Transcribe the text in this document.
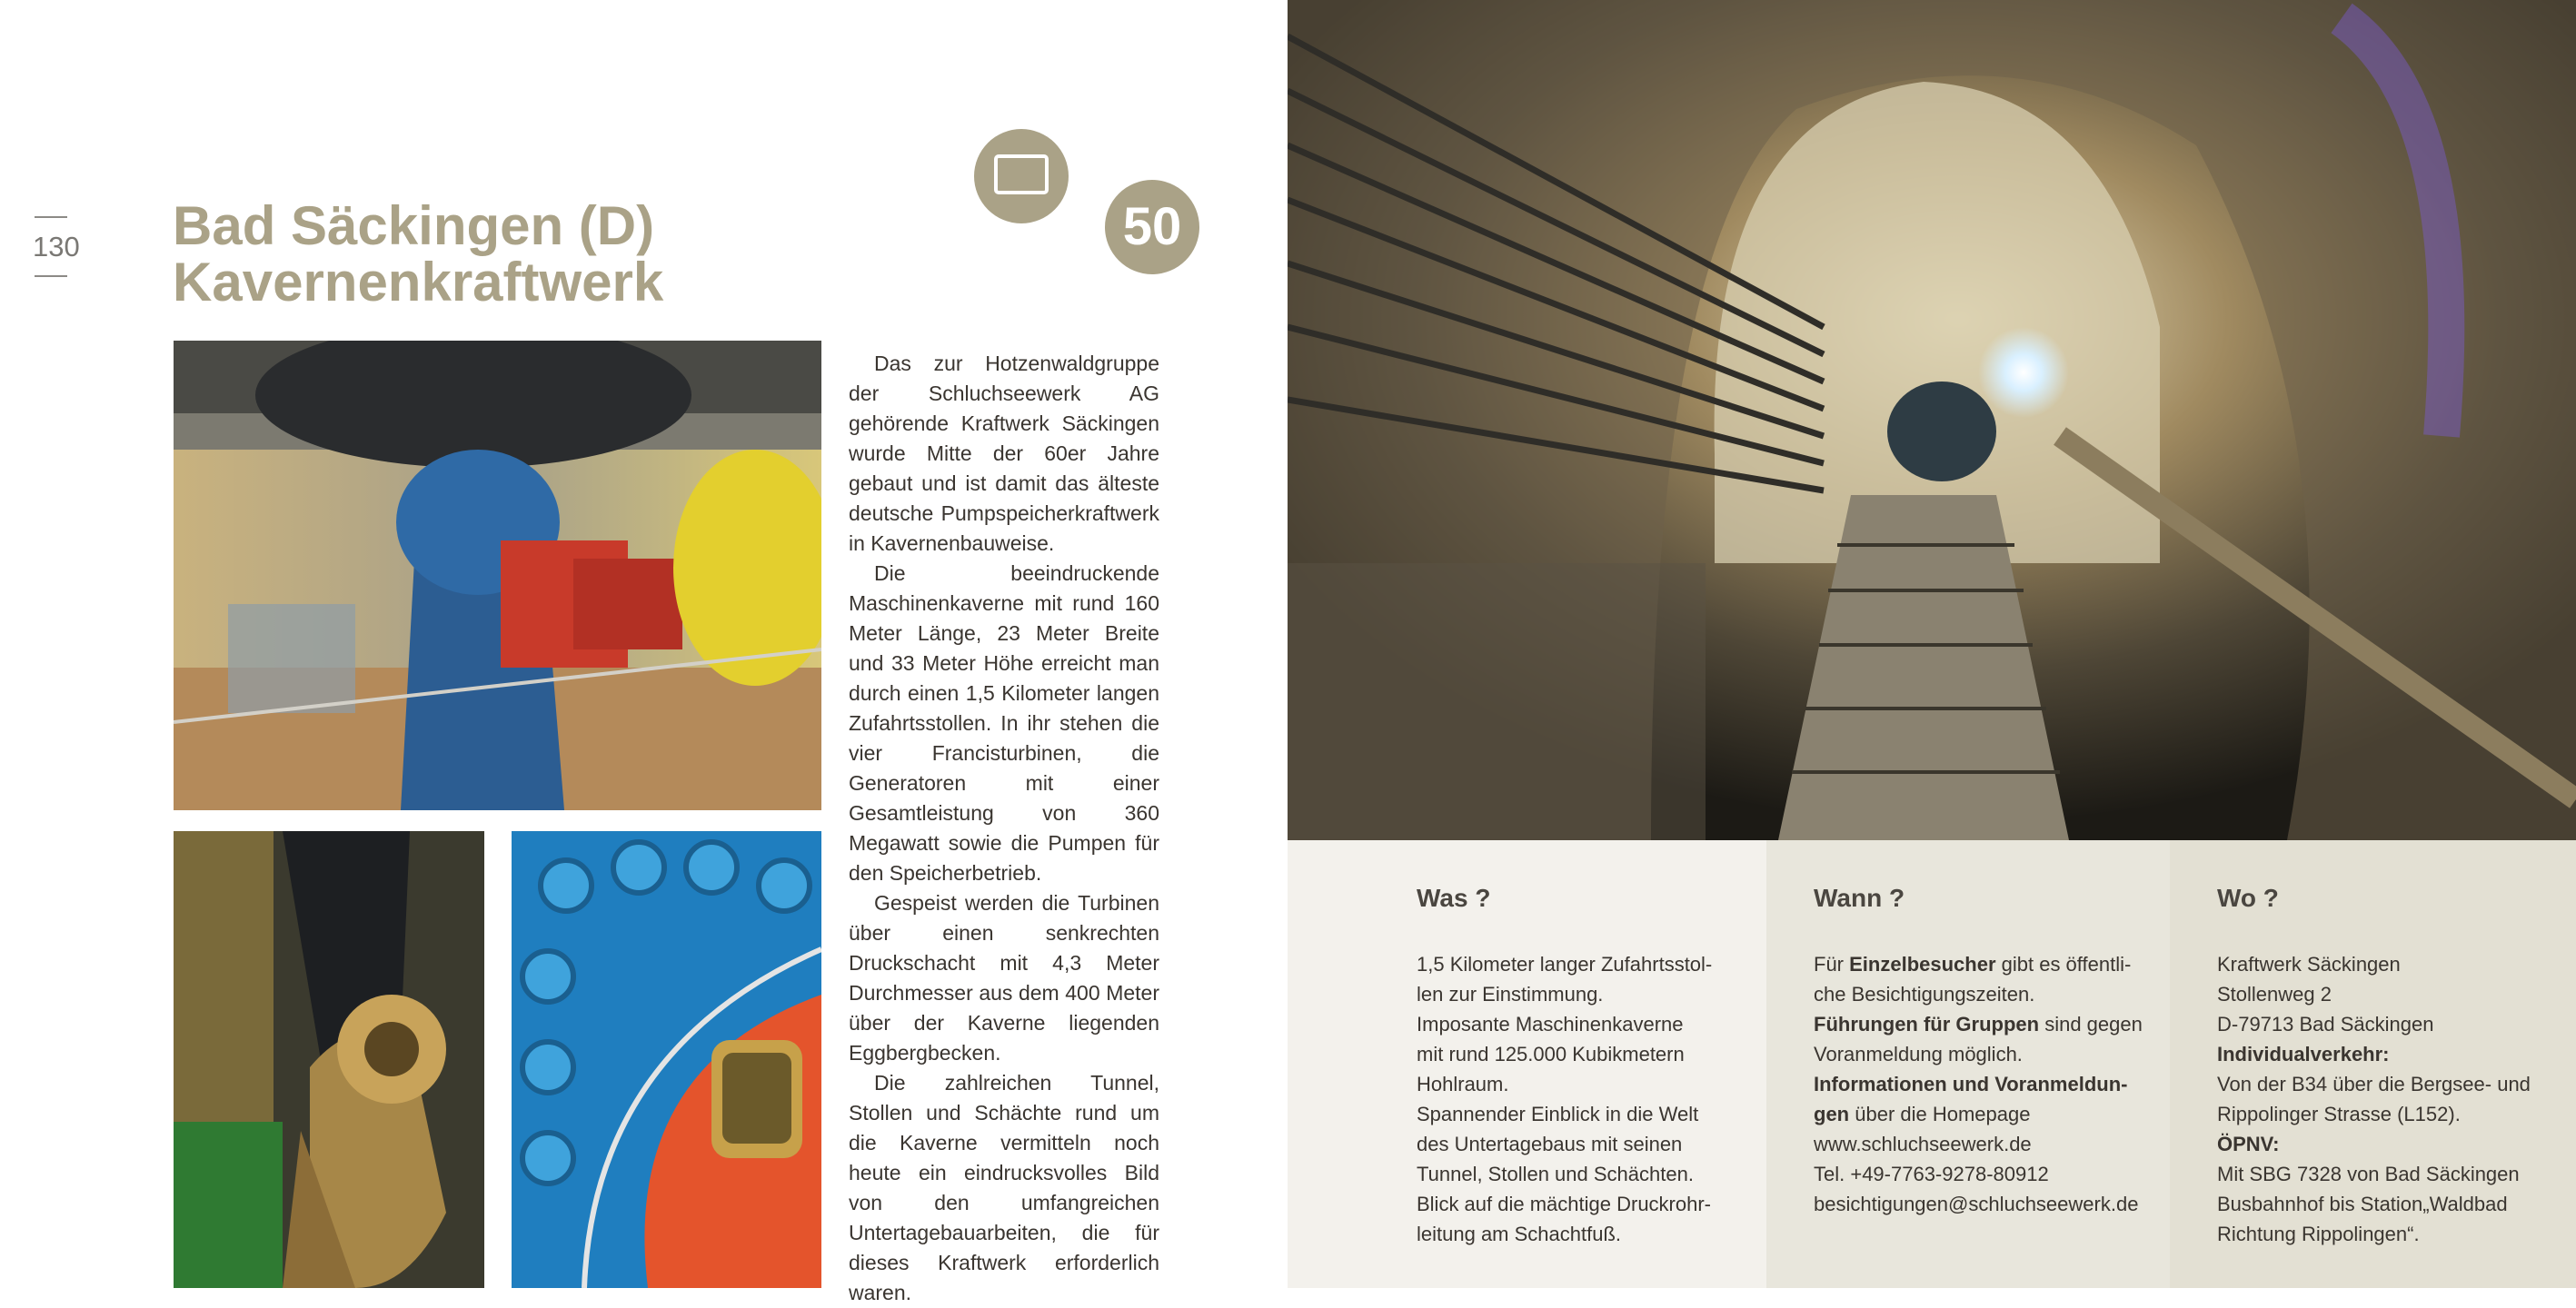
130 Bad Säckingen (D)
Kavernenkraftwerk
50

Das zur Hotzenwaldgruppe der Schluchseewerk AG gehörende Kraftwerk Säckingen wurde Mitte der 60er Jahre gebaut und ist damit das älteste deutsche Pumpspeicherkraftwerk in Kavernenbauweise.

Die beeindruckende Maschinenkaverne mit rund 160 Meter Länge, 23 Meter Breite und 33 Meter Höhe erreicht man durch einen 1,5 Kilometer langen Zufahrtsstollen. In ihr stehen die vier Francisturbinen, die Generatoren mit einer Gesamtleistung von 360 Megawatt sowie die Pumpen für den Speicherbetrieb.

Gespeist werden die Turbinen über einen senkrechten Druckschacht mit 4,3 Meter Durchmesser aus dem 400 Meter über der Kaverne liegenden Eggbergbecken.

Die zahlreichen Tunnel, Stollen und Schächte rund um die Kaverne vermitteln noch heute ein eindrucksvolles Bild von den umfangreichen Untertagebauarbeiten, die für dieses Kraftwerk erforderlich waren.

Was ?
1,5 Kilometer langer Zufahrtsstol-
len zur Einstimmung.
Imposante Maschinenkaverne
mit rund 125.000 Kubikmetern
Hohlraum.
Spannender Einblick in die Welt
des Untertagebaus mit seinen
Tunnel, Stollen und Schächten.
Blick auf die mächtige Druckrohr-
leitung am Schachtfuß.
Wann ?
Für Einzelbesucher gibt es öffentli-
che Besichtigungszeiten.
Führungen für Gruppen sind gegen
Voranmeldung möglich.
Informationen und Voranmeldun-
gen über die Homepage
www.schluchseewerk.de
Tel. +49-7763-9278-80912
besichtigungen@schluchseewerk.de
Wo ?
Kraftwerk Säckingen
Stollenweg 2
D-79713 Bad Säckingen
Individualverkehr:
Von der B34 über die Bergsee- und
Rippolinger Strasse (L152).
ÖPNV:
Mit SBG 7328 von Bad Säckingen
Busbahnhof bis Station„Waldbad
Richtung Rippolingen“.
